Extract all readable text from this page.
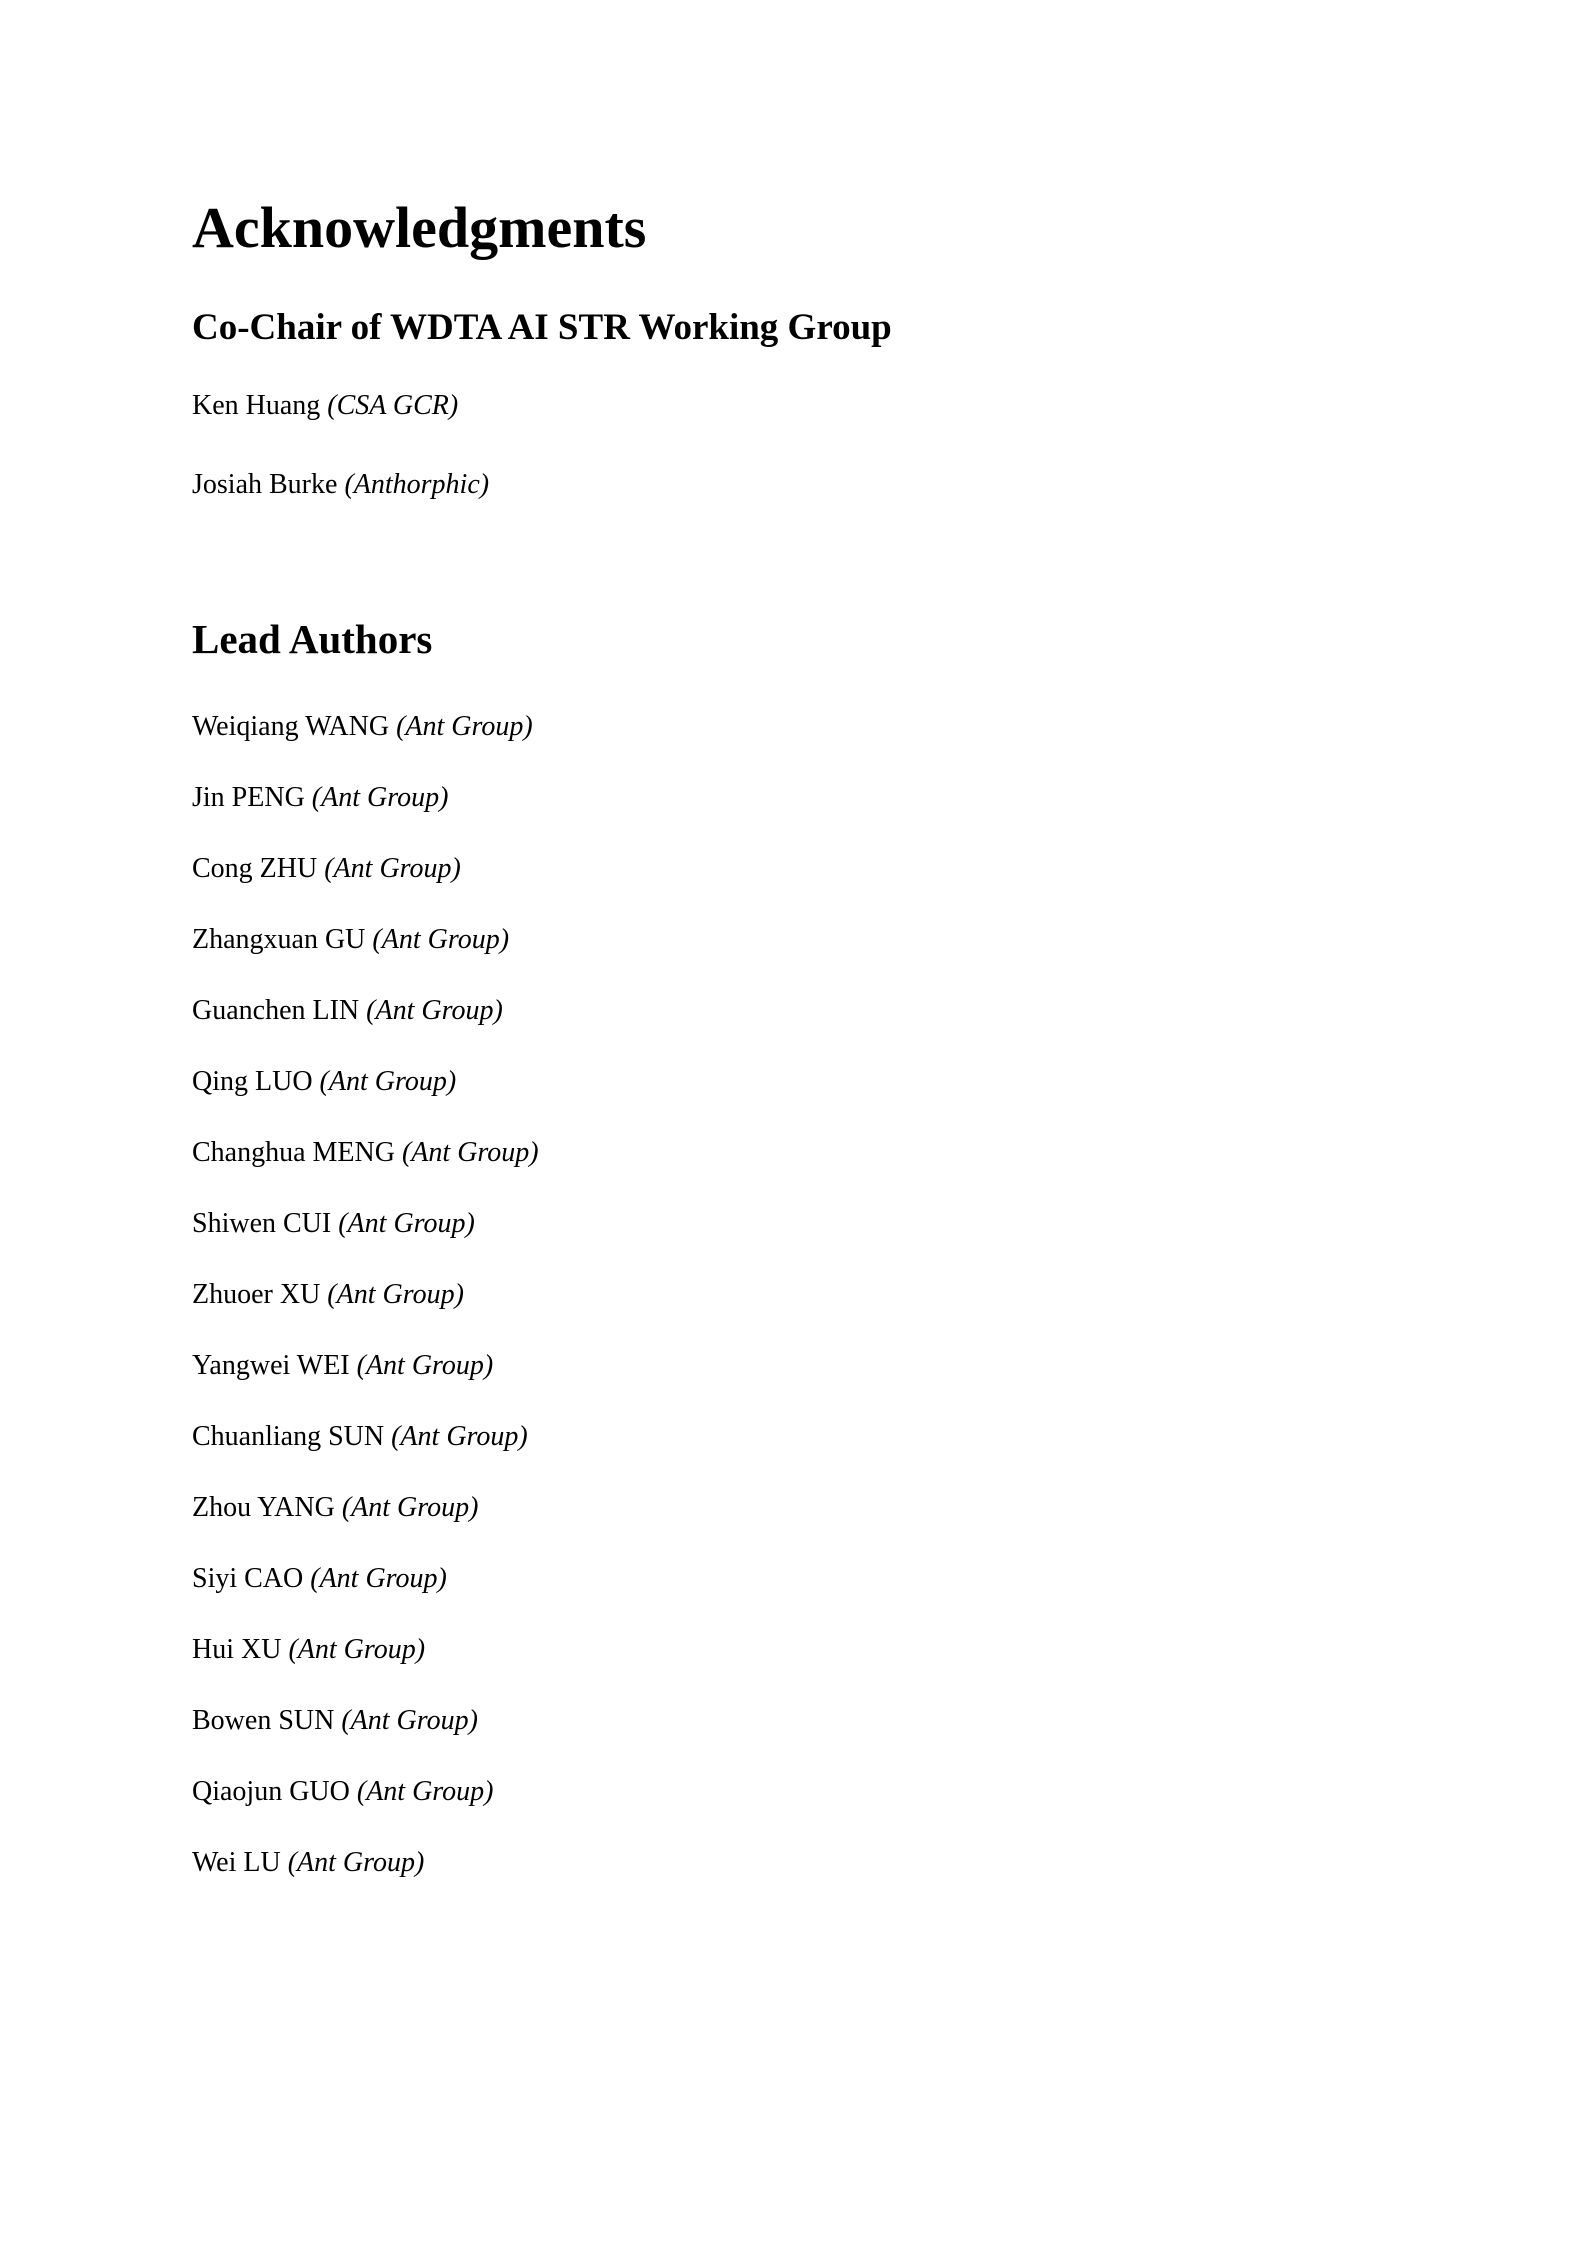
Acknowledgments
Co-Chair of WDTA AI STR Working Group
Ken Huang (CSA GCR)
Josiah Burke (Anthorphic)
Lead Authors
Weiqiang WANG (Ant Group)
Jin PENG (Ant Group)
Cong ZHU (Ant Group)
Zhangxuan GU (Ant Group)
Guanchen LIN (Ant Group)
Qing LUO (Ant Group)
Changhua MENG (Ant Group)
Shiwen CUI (Ant Group)
Zhuoer XU (Ant Group)
Yangwei WEI (Ant Group)
Chuanliang SUN (Ant Group)
Zhou YANG (Ant Group)
Siyi CAO (Ant Group)
Hui XU (Ant Group)
Bowen SUN (Ant Group)
Qiaojun GUO (Ant Group)
Wei LU (Ant Group)
